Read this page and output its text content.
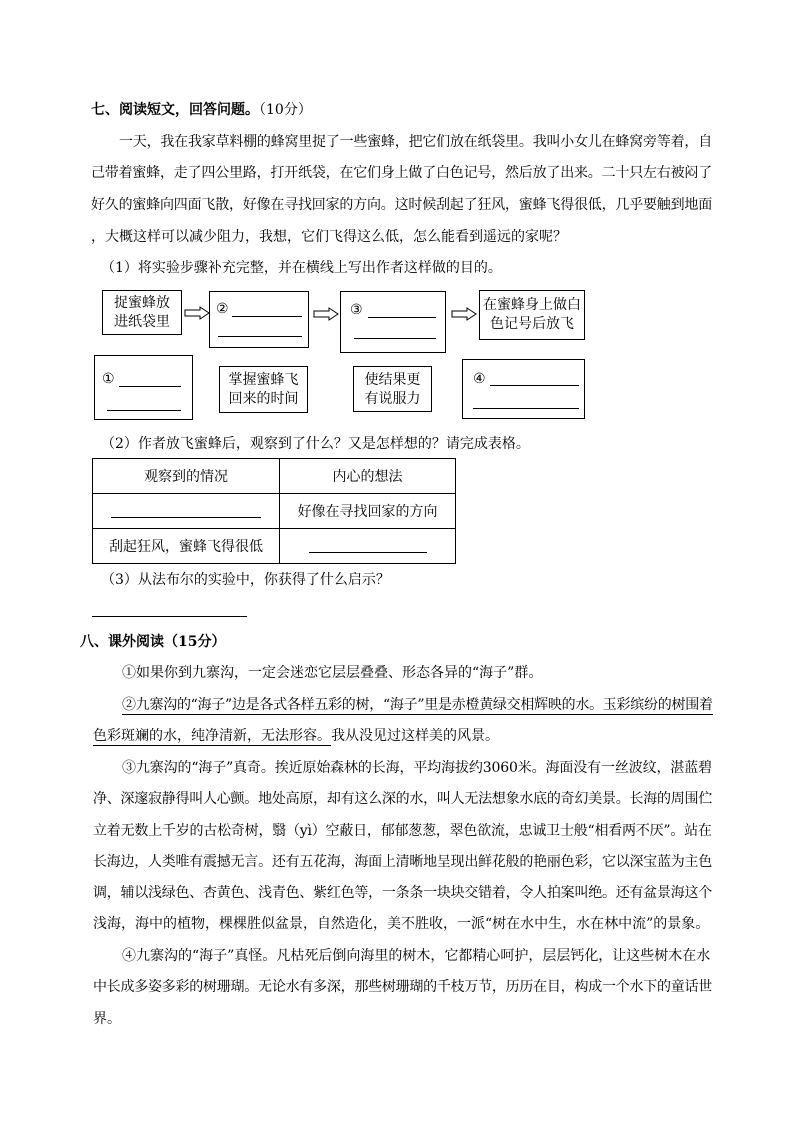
七、阅读短文，回答问题。（10分）
一天，我在我家草料棚的蜂窝里捉了一些蜜蜂，把它们放在纸袋里。我叫小女儿在蜂窝旁等着，自
己带着蜜蜂，走了四公里路，打开纸袋，在它们身上做了白色记号，然后放了出来。二十只左右被闷了
好久的蜜蜂向四面飞散，好像在寻找回家的方向。这时候刮起了狂风，蜜蜂飞得很低，几乎要触到地面
，大概这样可以减少阻力，我想，它们飞得这么低，怎么能看到遥远的家呢？
（1）将实验步骤补充完整，并在横线上写出作者这样做的目的。
捉蜜蜂放
进纸袋里
②	③	在蜜蜂身上做白
色记号后放飞
①	掌握蜜蜂飞
回来的时间
使结果更
有说服力
④
（2）作者放飞蜜蜂后，观察到了什么？又是怎样想的？请完成表格。
观察到的情况	内心的想法

	好像在寻找回家的方向
刮起狂风，蜜蜂飞得很低	
（3）从法布尔的实验中，你获得了什么启示？
八、课外阅读（15分）
①如果你到九寨沟，一定会迷恋它层层叠叠、形态各异的“海子”群。
②九寨沟的“海子”边是各式各样五彩的树，“海子”里是赤橙黄绿交相辉映的水。玉彩缤纷的树围着
色彩斑斓的水，纯净清新，无法形容。我从没见过这样美的风景。
③九寨沟的“海子”真奇。挨近原始森林的长海，平均海拔约3060米。海面没有一丝波纹，湛蓝碧
净、深邃寂静得叫人心颤。地处高原，却有这么深的水，叫人无法想象水底的奇幻美景。长海的周围伫
立着无数上千岁的古松奇树，翳（yì）空蔽日，郁郁葱葱，翠色欲流，忠诚卫士般“相看两不厌”。站在
长海边，人类唯有震撼无言。还有五花海，海面上清晰地呈现出鲜花般的艳丽色彩，它以深宝蓝为主色
调，辅以浅绿色、杏黄色、浅青色、紫红色等，一条条一块块交错着，令人拍案叫绝。还有盆景海这个
浅海，海中的植物，棵棵胜似盆景，自然造化，美不胜收，一派“树在水中生，水在林中流”的景象。
④九寨沟的“海子”真怪。凡枯死后倒向海里的树木，它都精心呵护，层层钙化，让这些树木在水
中长成多姿多彩的树珊瑚。无论水有多深，那些树珊瑚的千枝万节，历历在目，构成一个水下的童话世
界。
